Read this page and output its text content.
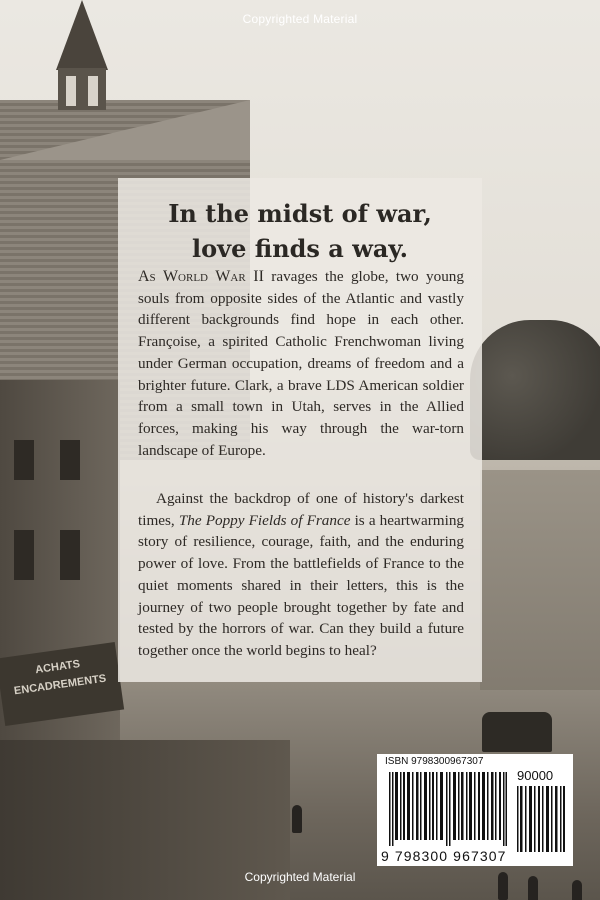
ACHATS ENCADREMENTS
Copyrighted Material
In the midst of war,
love finds a way.

As World War II ravages the globe, two young souls from opposite sides of the Atlantic and vastly different backgrounds find hope in each other. Françoise, a spirited Catholic Frenchwoman living under German occupation, dreams of freedom and a brighter future. Clark, a brave LDS American soldier from a small town in Utah, serves in the Allied forces, making his way through the war-torn landscape of Europe.

Against the backdrop of one of history's darkest times, The Poppy Fields of France is a heartwarming story of resilience, courage, faith, and the enduring power of love. From the battlefields of France to the quiet moments shared in their letters, this is the journey of two people brought together by fate and tested by the horrors of war. Can they build a future together once the world begins to heal?

ISBN 9798300967307
90000
9 798300 967307
Copyrighted Material
